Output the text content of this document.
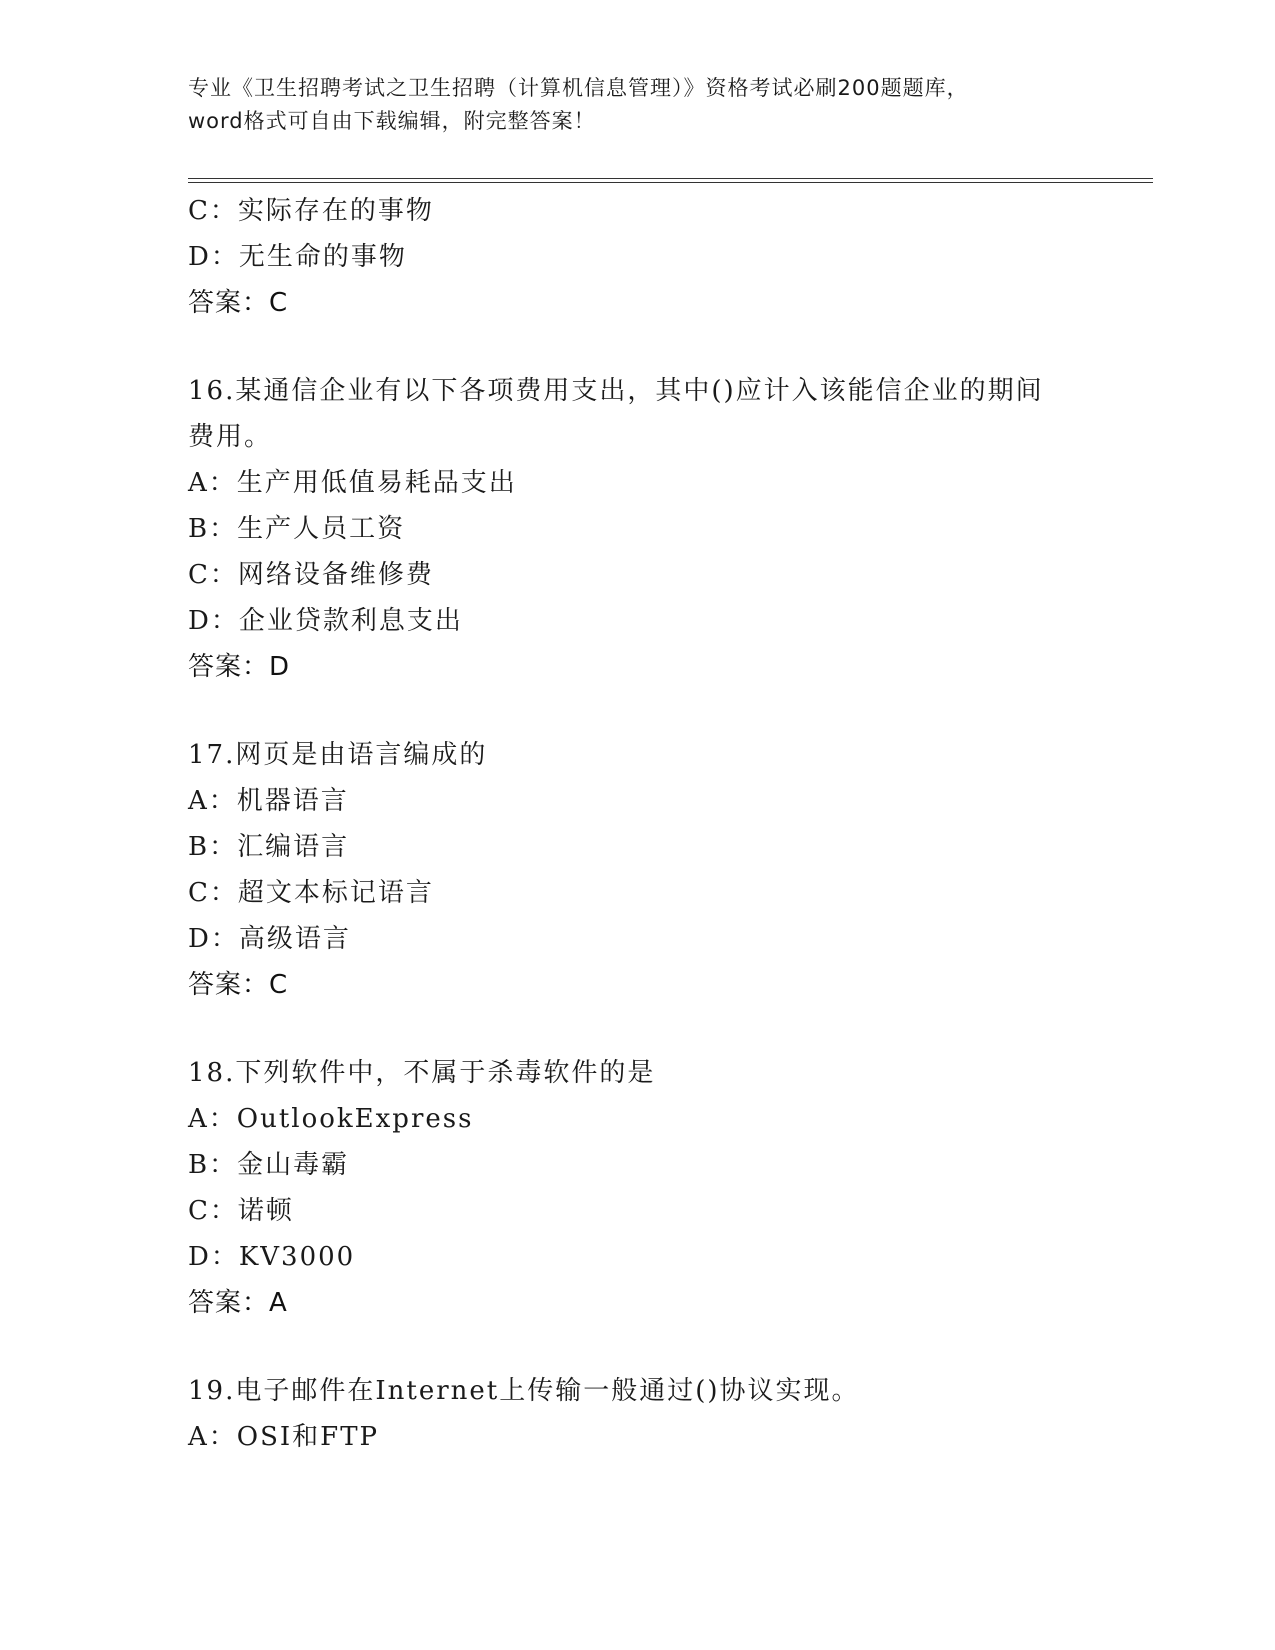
专业《卫生招聘考试之卫生招聘（计算机信息管理）》资格考试必刷200题题库，
word格式可自由下载编辑，附完整答案！
C：实际存在的事物
D：无生命的事物
答案：C
16.某通信企业有以下各项费用支出，其中()应计入该能信企业的期间
费用。
A：生产用低值易耗品支出
B：生产人员工资
C：网络设备维修费
D：企业贷款利息支出
答案：D
17.网页是由语言编成的
A：机器语言
B：汇编语言
C：超文本标记语言
D：高级语言
答案：C
18.下列软件中，不属于杀毒软件的是
A：OutlookExpress
B：金山毒霸
C：诺顿
D：KV3000
答案：A
19.电子邮件在Internet上传输一般通过()协议实现。
A：OSI和FTP
